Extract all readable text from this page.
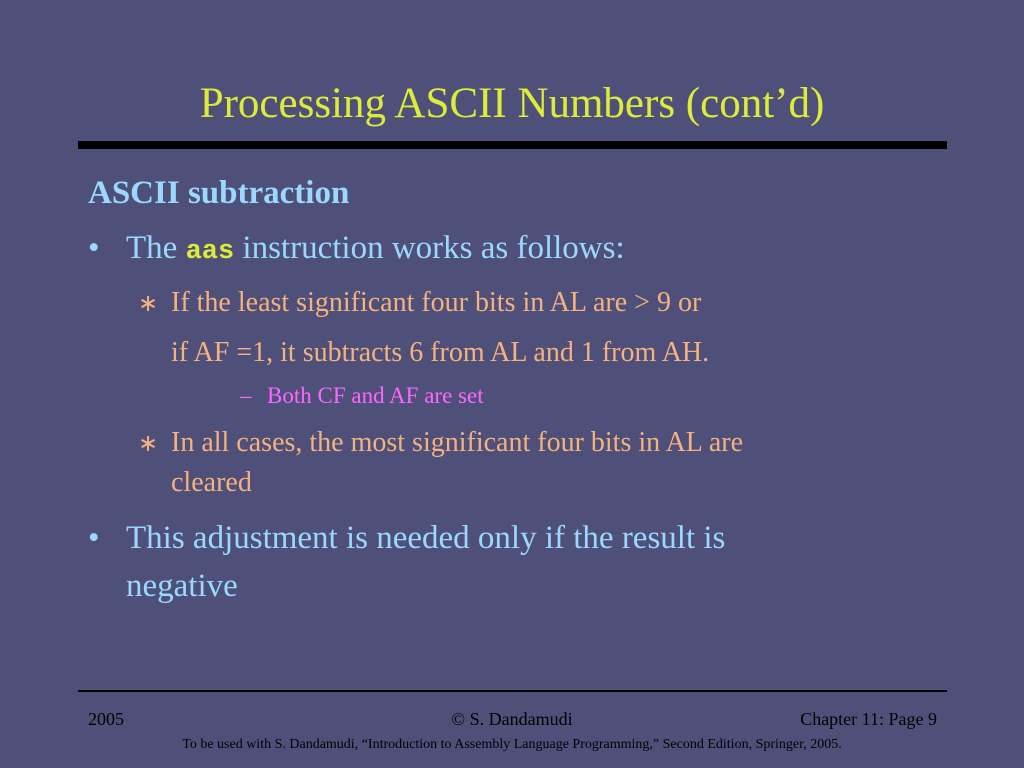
Processing ASCII Numbers (cont’d)
ASCII subtraction
• The aas instruction works as follows:
∗ If the least significant four bits in AL are > 9 or
if AF =1, it subtracts 6 from AL and 1 from AH.
– Both CF and AF are set
∗ In all cases, the most significant four bits in AL are
cleared
• This adjustment is needed only if the result is
negative
2005	© S. Dandamudi	Chapter 11: Page 9
To be used with S. Dandamudi, “Introduction to Assembly Language Programming,” Second Edition, Springer, 2005.
